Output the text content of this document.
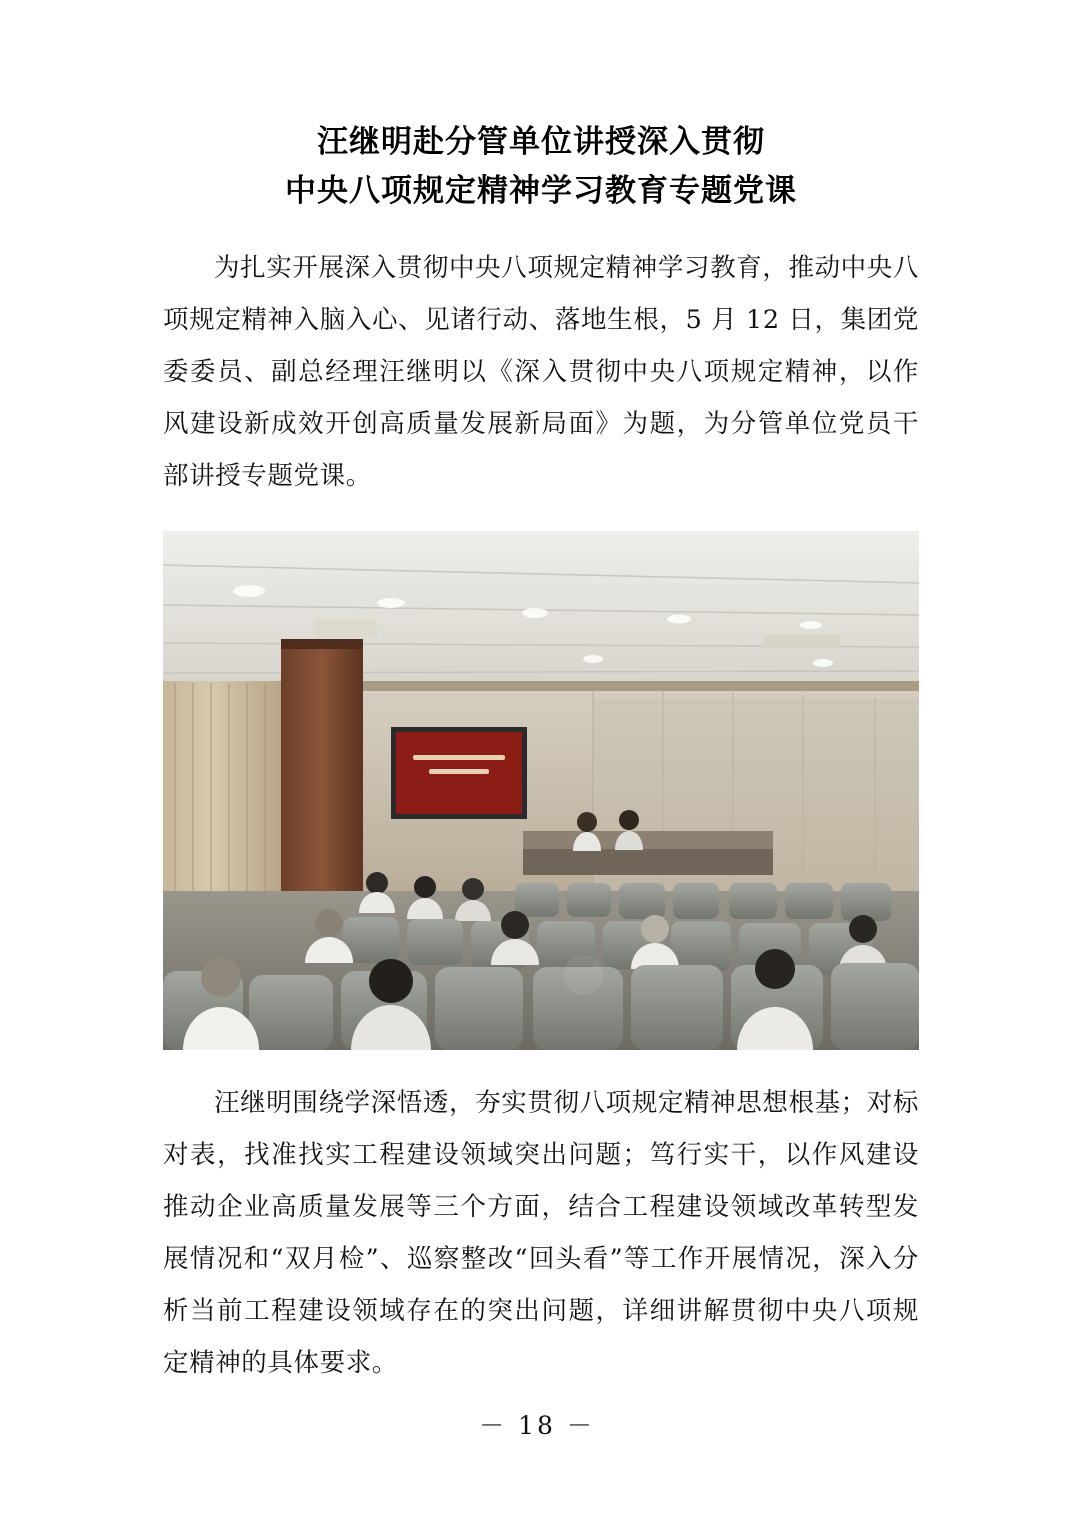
汪继明赴分管单位讲授深入贯彻
中央八项规定精神学习教育专题党课

为扎实开展深入贯彻中央八项规定精神学习教育，推动中央八项规定精神入脑入心、见诸行动、落地生根，5 月 12 日，集团党委委员、副总经理汪继明以《深入贯彻中央八项规定精神，以作风建设新成效开创高质量发展新局面》为题，为分管单位党员干部讲授专题党课。

汪继明围绕学深悟透，夯实贯彻八项规定精神思想根基；对标对表，找准找实工程建设领域突出问题；笃行实干，以作风建设推动企业高质量发展等三个方面，结合工程建设领域改革转型发展情况和“双月检”、巡察整改“回头看”等工作开展情况，深入分析当前工程建设领域存在的突出问题，详细讲解贯彻中央八项规定精神的具体要求。

－ 18 －
